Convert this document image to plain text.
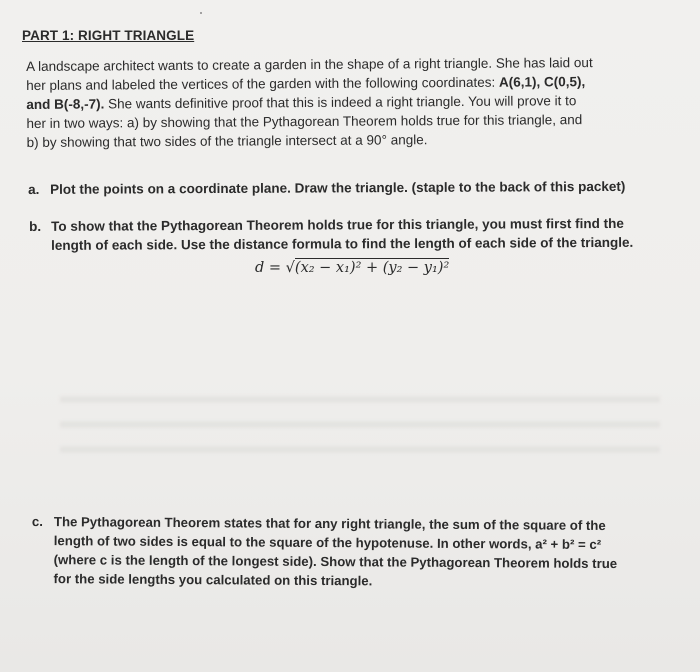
PART 1: RIGHT TRIANGLE
A landscape architect wants to create a garden in the shape of a right triangle. She has laid out
her plans and labeled the vertices of the garden with the following coordinates: A(6,1), C(0,5),
and B(-8,-7). She wants definitive proof that this is indeed a right triangle. You will prove it to
her in two ways: a) by showing that the Pythagorean Theorem holds true for this triangle, and
b) by showing that two sides of the triangle intersect at a 90° angle.
a. Plot the points on a coordinate plane. Draw the triangle. (staple to the back of this packet)
b. To show that the Pythagorean Theorem holds true for this triangle, you must first find the
length of each side. Use the distance formula to find the length of each side of the triangle.
d = √(x₂ − x₁)² + (y₂ − y₁)²
c. The Pythagorean Theorem states that for any right triangle, the sum of the square of the
length of two sides is equal to the square of the hypotenuse. In other words, a² + b² = c²
(where c is the length of the longest side). Show that the Pythagorean Theorem holds true
for the side lengths you calculated on this triangle.
